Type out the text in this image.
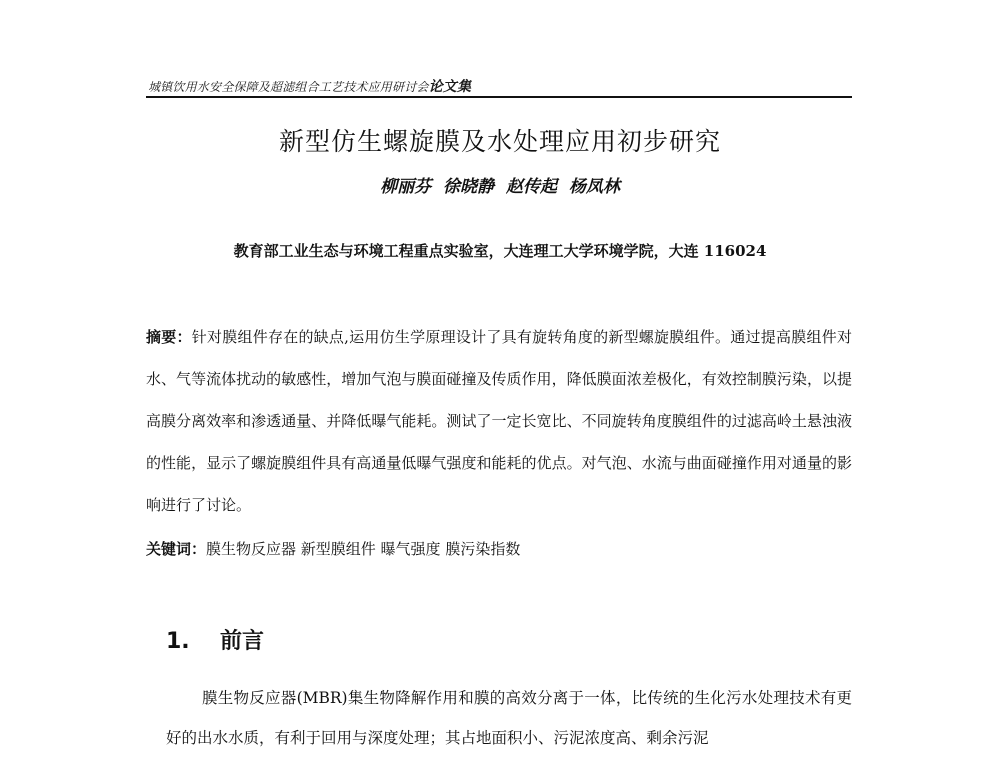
城镇饮用水安全保障及超滤组合工艺技术应用研讨会论文集
新型仿生螺旋膜及水处理应用初步研究
柳丽芬 徐晓静 赵传起 杨凤林
教育部工业生态与环境工程重点实验室，大连理工大学环境学院，大连 116024
摘要：针对膜组件存在的缺点,运用仿生学原理设计了具有旋转角度的新型螺旋膜组件。通过提高膜组件对水、气等流体扰动的敏感性，增加气泡与膜面碰撞及传质作用，降低膜面浓差极化，有效控制膜污染，以提高膜分离效率和渗透通量、并降低曝气能耗。测试了一定长宽比、不同旋转角度膜组件的过滤高岭土悬浊液的性能，显示了螺旋膜组件具有高通量低曝气强度和能耗的优点。对气泡、水流与曲面碰撞作用对通量的影响进行了讨论。
关键词：膜生物反应器 新型膜组件 曝气强度 膜污染指数
1. 前言
膜生物反应器(MBR)集生物降解作用和膜的高效分离于一体，比传统的生化污水处理技术有更好的出水水质，有利于回用与深度处理；其占地面积小、污泥浓度高、剩余污泥
